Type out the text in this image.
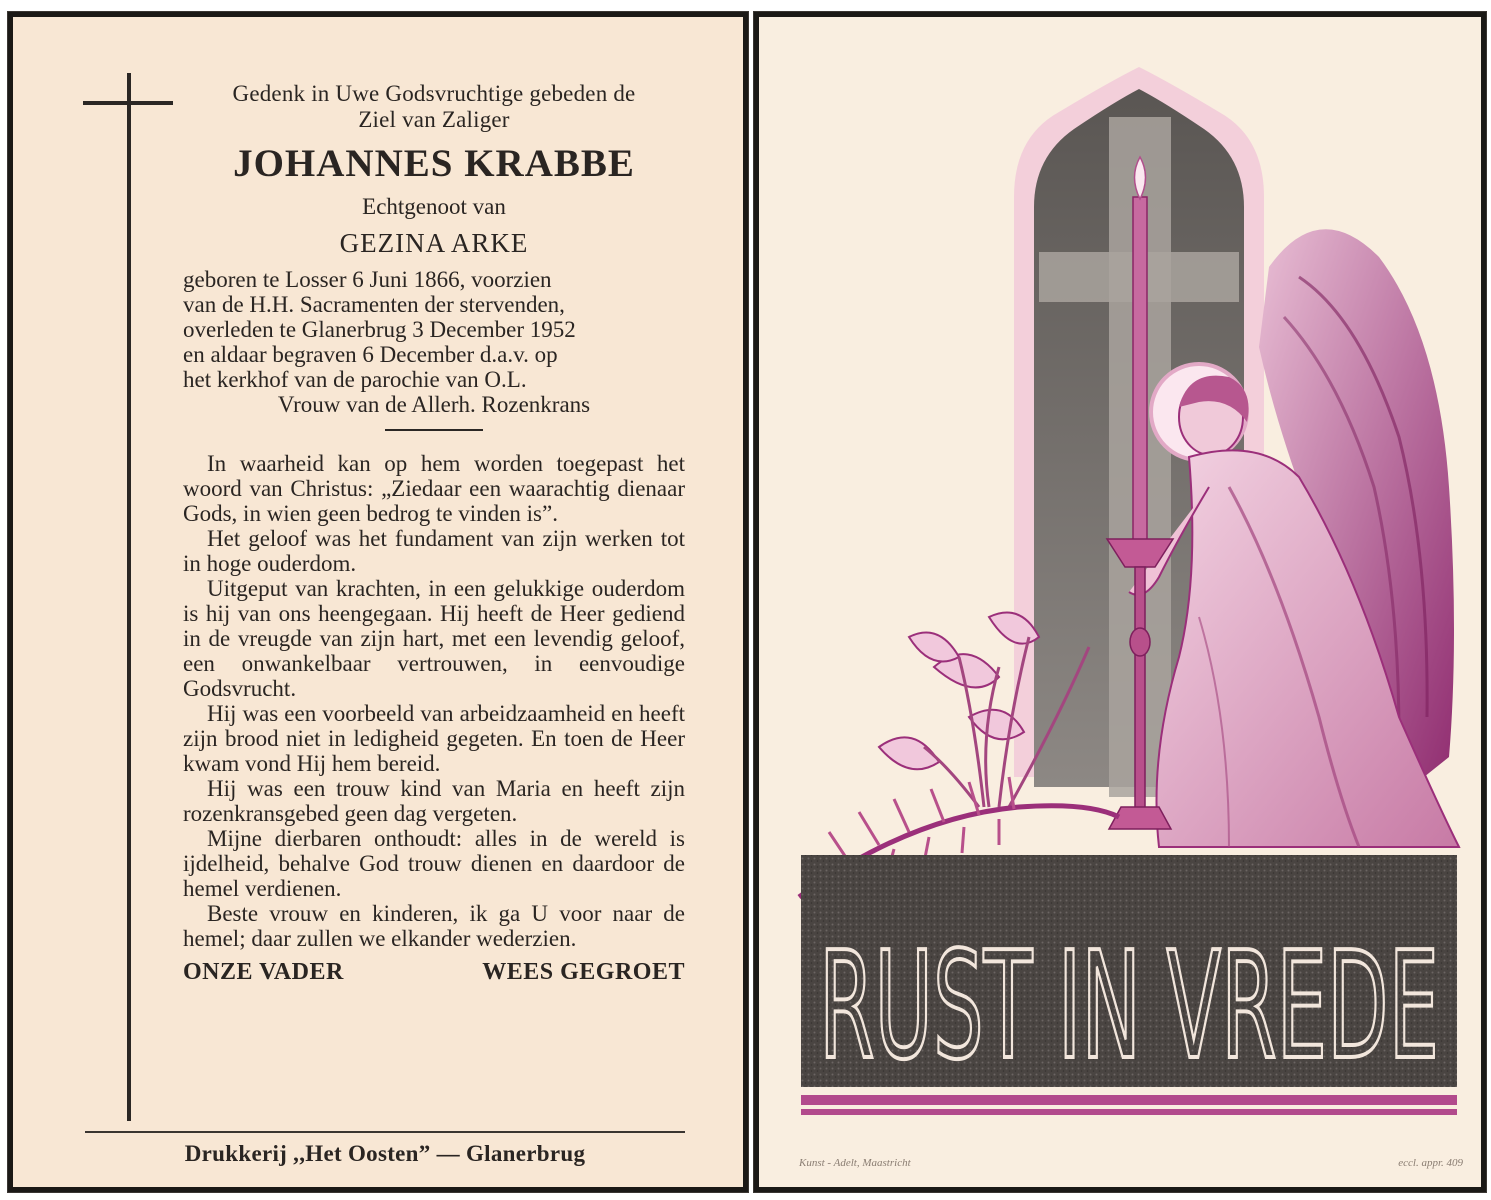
Gedenk in Uwe Godsvruchtige gebeden de

Ziel van Zaliger

JOHANNES KRABBE

Echtgenoot van

GEZINA ARKE

geboren te Losser 6 Juni 1866, voorzien

van de H.H. Sacramenten der stervenden,

overleden te Glanerbrug 3 December 1952

en aldaar begraven 6 December d.a.v. op

het kerkhof van de parochie van O.L.

Vrouw van de Allerh. Rozenkrans

In waarheid kan op hem worden toegepast het woord van Christus: „Ziedaar een waarachtig dienaar Gods, in wien geen bedrog te vinden is”.

Het geloof was het fundament van zijn werken tot in hoge ouderdom.

Uitgeput van krachten, in een gelukkige ouderdom is hij van ons heengegaan. Hij heeft de Heer gediend in de vreugde van zijn hart, met een levendig geloof, een onwankelbaar vertrouwen, in eenvoudige Godsvrucht.

Hij was een voorbeeld van arbeidzaamheid en heeft zijn brood niet in ledigheid gegeten. En toen de Heer kwam vond Hij hem bereid.

Hij was een trouw kind van Maria en heeft zijn rozenkransgebed geen dag vergeten.

Mijne dierbaren onthoudt: alles in de wereld is ijdelheid, behalve God trouw dienen en daardoor de hemel verdienen.

Beste vrouw en kinderen, ik ga U voor naar de hemel; daar zullen we elkander wederzien.

ONZE VADER	WEES GEGROET
Drukkerij ,,Het Oosten” — Glanerbrug
RUST IN VREDE
Kunst - Adelt, Maastricht	eccl. appr. 409
